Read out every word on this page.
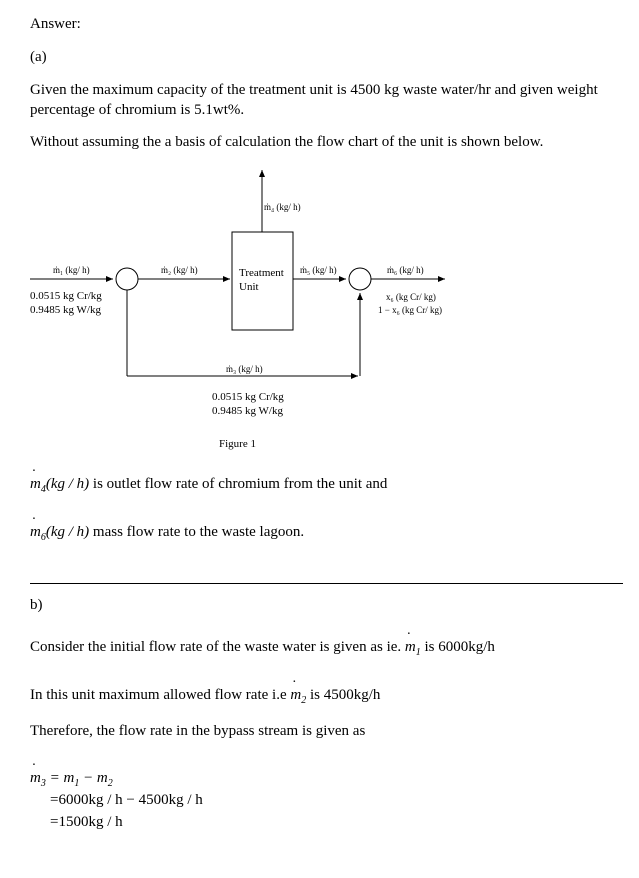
Answer:
(a)
Given the maximum capacity of the treatment unit is 4500 kg waste water/hr and given weight
percentage of chromium is 5.1wt%.
Without assuming the a basis of calculation the flow chart of the unit is shown below.
ṁ₁ (kg/ h)	ṁ₂ (kg/ h)	ṁ₅ (kg/ h)	ṁ₆ (kg/ h)
ṁ₄ (kg/ h)
ṁ₃ (kg/ h)
x₆ (kg Cr/ kg)
1 − x₆ (kg Cr/ kg)
Treatment
Unit
0.0515 kg Cr/kg
0.9485 kg W/kg
0.0515 kg Cr/kg
0.9485 kg W/kg
Figure 1
· $m_4(kg / h)$ is outlet flow rate of chromium from the unit and
· $m_6(kg / h)$ mass flow rate to the waste lagoon.
b)
Consider the initial flow rate of the waste water is given as ie. · $m_1$ is 6000kg/h
In this unit maximum allowed flow rate $i.e \cdot m_2$ is 4500kg/h
Therefore, the flow rate in the bypass stream is given as
· $m_3 = m_1 - m_2$
=6000kg / h − 4500kg / h
=1500kg / h
